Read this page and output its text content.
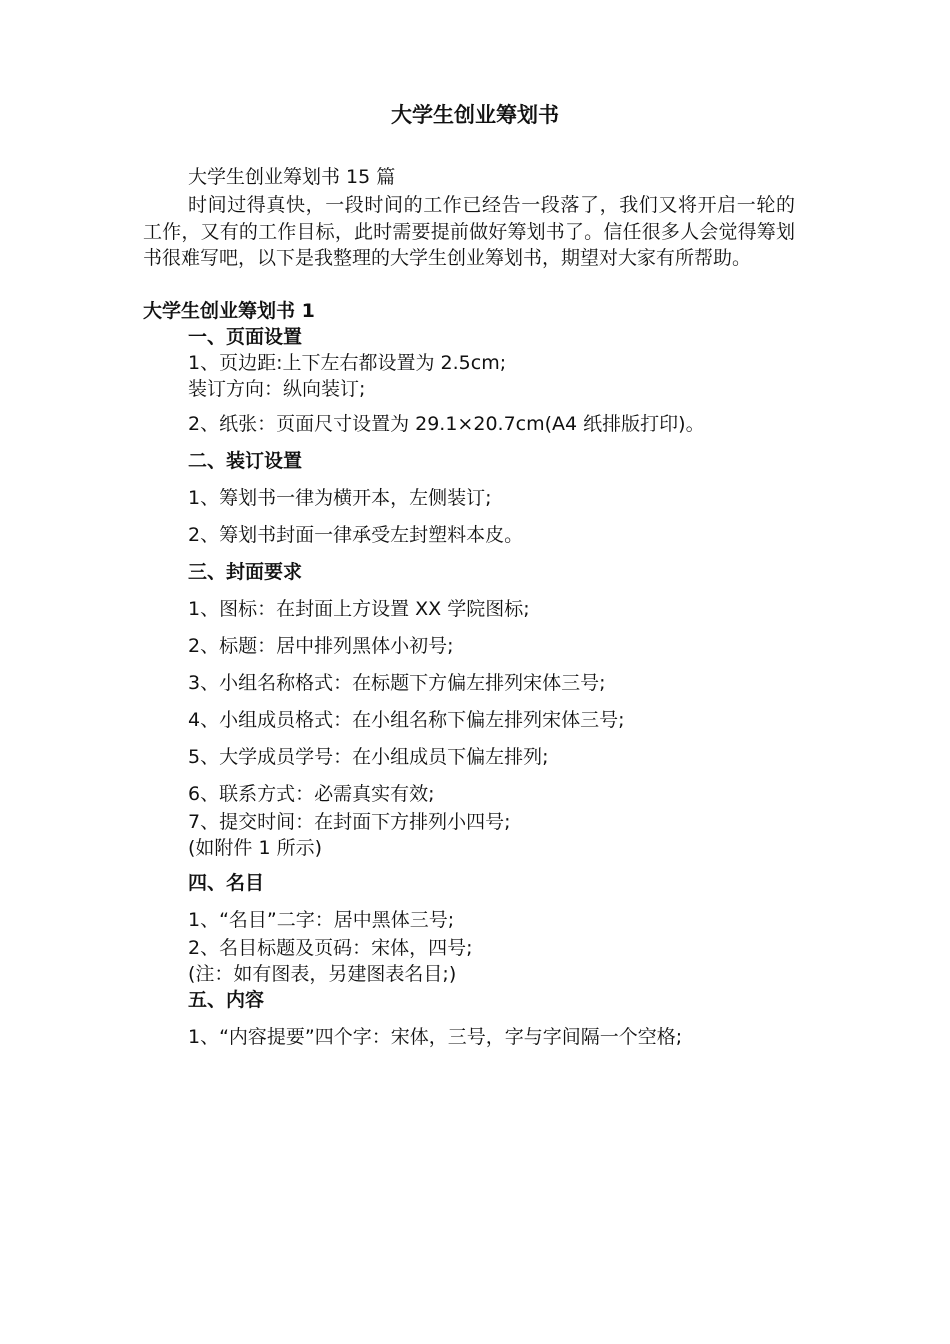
大学生创业筹划书
大学生创业筹划书 15 篇
时间过得真快，一段时间的工作已经告一段落了，我们又将开启一轮的工作，又有的工作目标，此时需要提前做好筹划书了。信任很多人会觉得筹划书很难写吧，以下是我整理的大学生创业筹划书，期望对大家有所帮助。
大学生创业筹划书 1
一、页面设置
1、页边距:上下左右都设置为 2.5cm;
装订方向：纵向装订;
2、纸张：页面尺寸设置为 29.1×20.7cm(A4 纸排版打印)。
二、装订设置
1、筹划书一律为横开本，左侧装订;
2、筹划书封面一律承受左封塑料本皮。
三、封面要求
1、图标：在封面上方设置 XX 学院图标;
2、标题：居中排列黑体小初号;
3、小组名称格式：在标题下方偏左排列宋体三号;
4、小组成员格式：在小组名称下偏左排列宋体三号;
5、大学成员学号：在小组成员下偏左排列;
6、联系方式：必需真实有效;
7、提交时间：在封面下方排列小四号;
(如附件 1 所示)
四、名目
1、“名目”二字：居中黑体三号;
2、名目标题及页码：宋体，四号;
(注：如有图表，另建图表名目;)
五、内容
1、“内容提要”四个字：宋体，三号，字与字间隔一个空格;
